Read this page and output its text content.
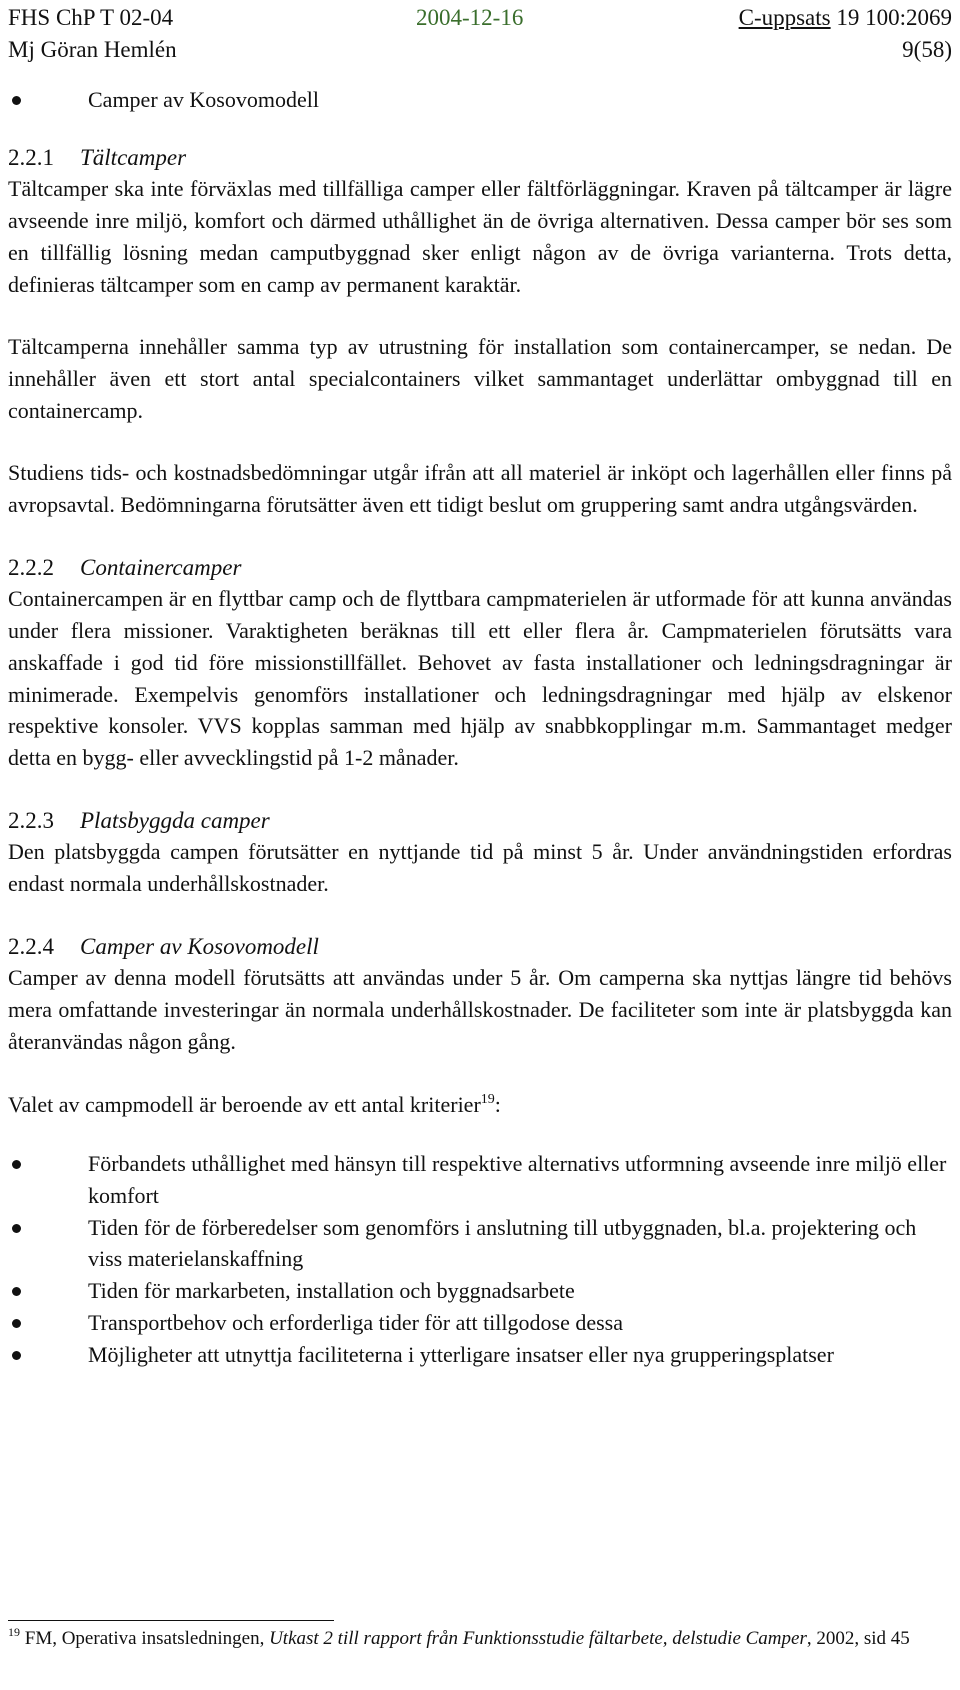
FHS ChP T 02-04	2004-12-16	C-uppsats 19 100:2069
Mj Göran Hemlén	9(58)
Camper av Kosovomodell
2.2.1 Tältcamper

Tältcamper ska inte förväxlas med tillfälliga camper eller fältförläggningar. Kraven på tältcamper är lägre avseende inre miljö, komfort och därmed uthållighet än de övriga alternativen. Dessa camper bör ses som en tillfällig lösning medan camputbyggnad sker enligt någon av de övriga varianterna. Trots detta, definieras tältcamper som en camp av permanent karaktär.

Tältcamperna innehåller samma typ av utrustning för installation som containercamper, se nedan. De innehåller även ett stort antal specialcontainers vilket sammantaget underlättar ombyggnad till en containercamp.

Studiens tids- och kostnadsbedömningar utgår ifrån att all materiel är inköpt och lagerhållen eller finns på avropsavtal. Bedömningarna förutsätter även ett tidigt beslut om gruppering samt andra utgångsvärden.

2.2.2 Containercamper

Containercampen är en flyttbar camp och de flyttbara campmaterielen är utformade för att kunna användas under flera missioner. Varaktigheten beräknas till ett eller flera år. Campmaterielen förutsätts vara anskaffade i god tid före missionstillfället. Behovet av fasta installationer och ledningsdragningar är minimerade. Exempelvis genomförs installationer och ledningsdragningar med hjälp av elskenor respektive konsoler. VVS kopplas samman med hjälp av snabbkopplingar m.m. Sammantaget medger detta en bygg- eller avvecklingstid på 1-2 månader.

2.2.3 Platsbyggda camper

Den platsbyggda campen förutsätter en nyttjande tid på minst 5 år. Under användningstiden erfordras endast normala underhållskostnader.

2.2.4 Camper av Kosovomodell

Camper av denna modell förutsätts att användas under 5 år. Om camperna ska nyttjas längre tid behövs mera omfattande investeringar än normala underhållskostnader. De faciliteter som inte är platsbyggda kan återanvändas någon gång.

Valet av campmodell är beroende av ett antal kriterier$^{19}$:

Förbandets uthållighet med hänsyn till respektive alternativs utformning avseende inre miljö eller komfort
Tiden för de förberedelser som genomförs i anslutning till utbyggnaden, bl.a. projektering och viss materielanskaffning
Tiden för markarbeten, installation och byggnadsarbete
Transportbehov och erforderliga tider för att tillgodose dessa
Möjligheter att utnyttja faciliteterna i ytterligare insatser eller nya grupperingsplatser
$^{19}$ FM, Operativa insatsledningen, Utkast 2 till rapport från Funktionsstudie fältarbete, delstudie Camper, 2002, sid 45
